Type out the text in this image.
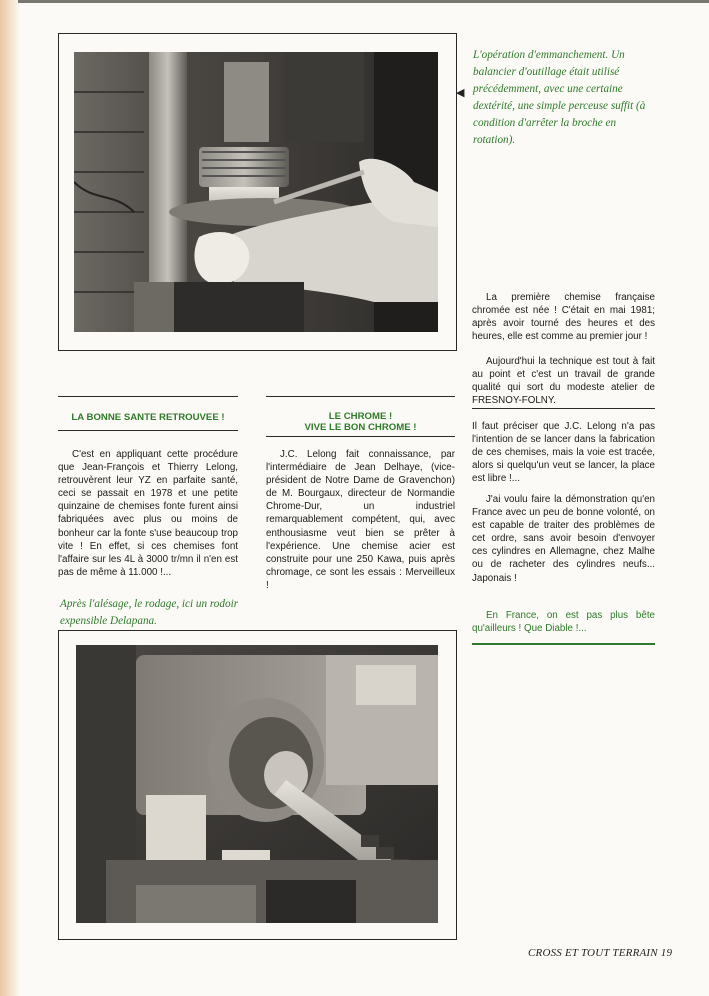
L'opération d'emmanchement. Un balancier d'outillage était utilisé précédemment, avec une certaine dextérité, une simple perceuse suffit (à condition d'arrêter la broche en rotation).

◀

LA BONNE SANTE RETROUVEE !

C'est en appliquant cette procédure que Jean-François et Thierry Lelong, retrouvèrent leur YZ en parfaite santé, ceci se passait en 1978 et une petite quinzaine de chemises fonte furent ainsi fabriquées avec plus ou moins de bonheur car la fonte s'use beaucoup trop vite ! En effet, si ces chemises font l'affaire sur les 4L à 3000 tr/mn il n'en est pas de même à 11.000 !...

LE CHROME !
VIVE LE BON CHROME !

J.C. Lelong fait connaissance, par l'intermédiaire de Jean Delhaye, (vice-président de Notre Dame de Gravenchon) de M. Bourgaux, directeur de Normandie Chrome-Dur, un industriel remarquablement compétent, qui, avec enthousiasme veut bien se prêter à l'expérience. Une chemise acier est construite pour une 250 Kawa, puis après chromage, ce sont les essais : Merveilleux !

La première chemise française chromée est née ! C'était en mai 1981; après avoir tourné des heures et des heures, elle est comme au premier jour !

Aujourd'hui la technique est tout à fait au point et c'est un travail de grande qualité qui sort du modeste atelier de FRESNOY-FOLNY.

Il faut préciser que J.C. Lelong n'a pas l'intention de se lancer dans la fabrication de ces chemises, mais la voie est tracée, alors si quelqu'un veut se lancer, la place est libre !...

J'ai voulu faire la démonstration qu'en France avec un peu de bonne volonté, on est capable de traiter des problèmes de cet ordre, sans avoir besoin d'envoyer ces cylindres en Allemagne, chez Malhe ou de racheter des cylindres neufs... Japonais !

En France, on est pas plus bête qu'ailleurs ! Que Diable !...

Après l'alésage, le rodage, ici un rodoir expensible Delapana.

CROSS ET TOUT TERRAIN 19
